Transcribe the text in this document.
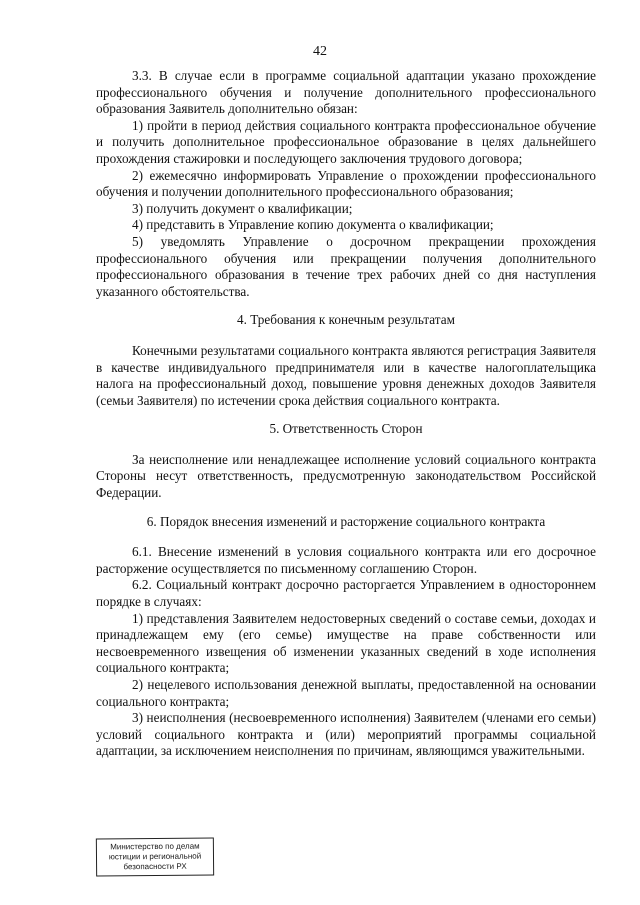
42

3.3. В случае если в программе социальной адаптации указано прохождение профессионального обучения и получение дополнительного профессионального образования Заявитель дополнительно обязан:

1) пройти в период действия социального контракта профессиональное обучение и получить дополнительное профессиональное образование в целях дальнейшего прохождения стажировки и последующего заключения трудового договора;

2) ежемесячно информировать Управление о прохождении профессионального обучения и получении дополнительного профессионального образования;

3) получить документ о квалификации;

4) представить в Управление копию документа о квалификации;

5) уведомлять Управление о досрочном прекращении прохождения профессионального обучения или прекращении получения дополнительного профессионального образования в течение трех рабочих дней со дня наступления указанного обстоятельства.

4. Требования к конечным результатам

Конечными результатами социального контракта являются регистрация Заявителя в качестве индивидуального предпринимателя или в качестве налогоплательщика налога на профессиональный доход, повышение уровня денежных доходов Заявителя (семьи Заявителя) по истечении срока действия социального контракта.

5. Ответственность Сторон

За неисполнение или ненадлежащее исполнение условий социального контракта Стороны несут ответственность, предусмотренную законодательством Российской Федерации.

6. Порядок внесения изменений и расторжение социального контракта

6.1. Внесение изменений в условия социального контракта или его досрочное расторжение осуществляется по письменному соглашению Сторон.

6.2. Социальный контракт досрочно расторгается Управлением в одностороннем порядке в случаях:

1) представления Заявителем недостоверных сведений о составе семьи, доходах и принадлежащем ему (его семье) имуществе на праве собственности или несвоевременного извещения об изменении указанных сведений в ходе исполнения социального контракта;

2) нецелевого использования денежной выплаты, предоставленной на основании социального контракта;

3) неисполнения (несвоевременного исполнения) Заявителем (членами его семьи) условий социального контракта и (или) мероприятий программы социальной адаптации, за исключением неисполнения по причинам, являющимся уважительными.

Министерство по делам
юстиции и региональной
безопасности РХ
